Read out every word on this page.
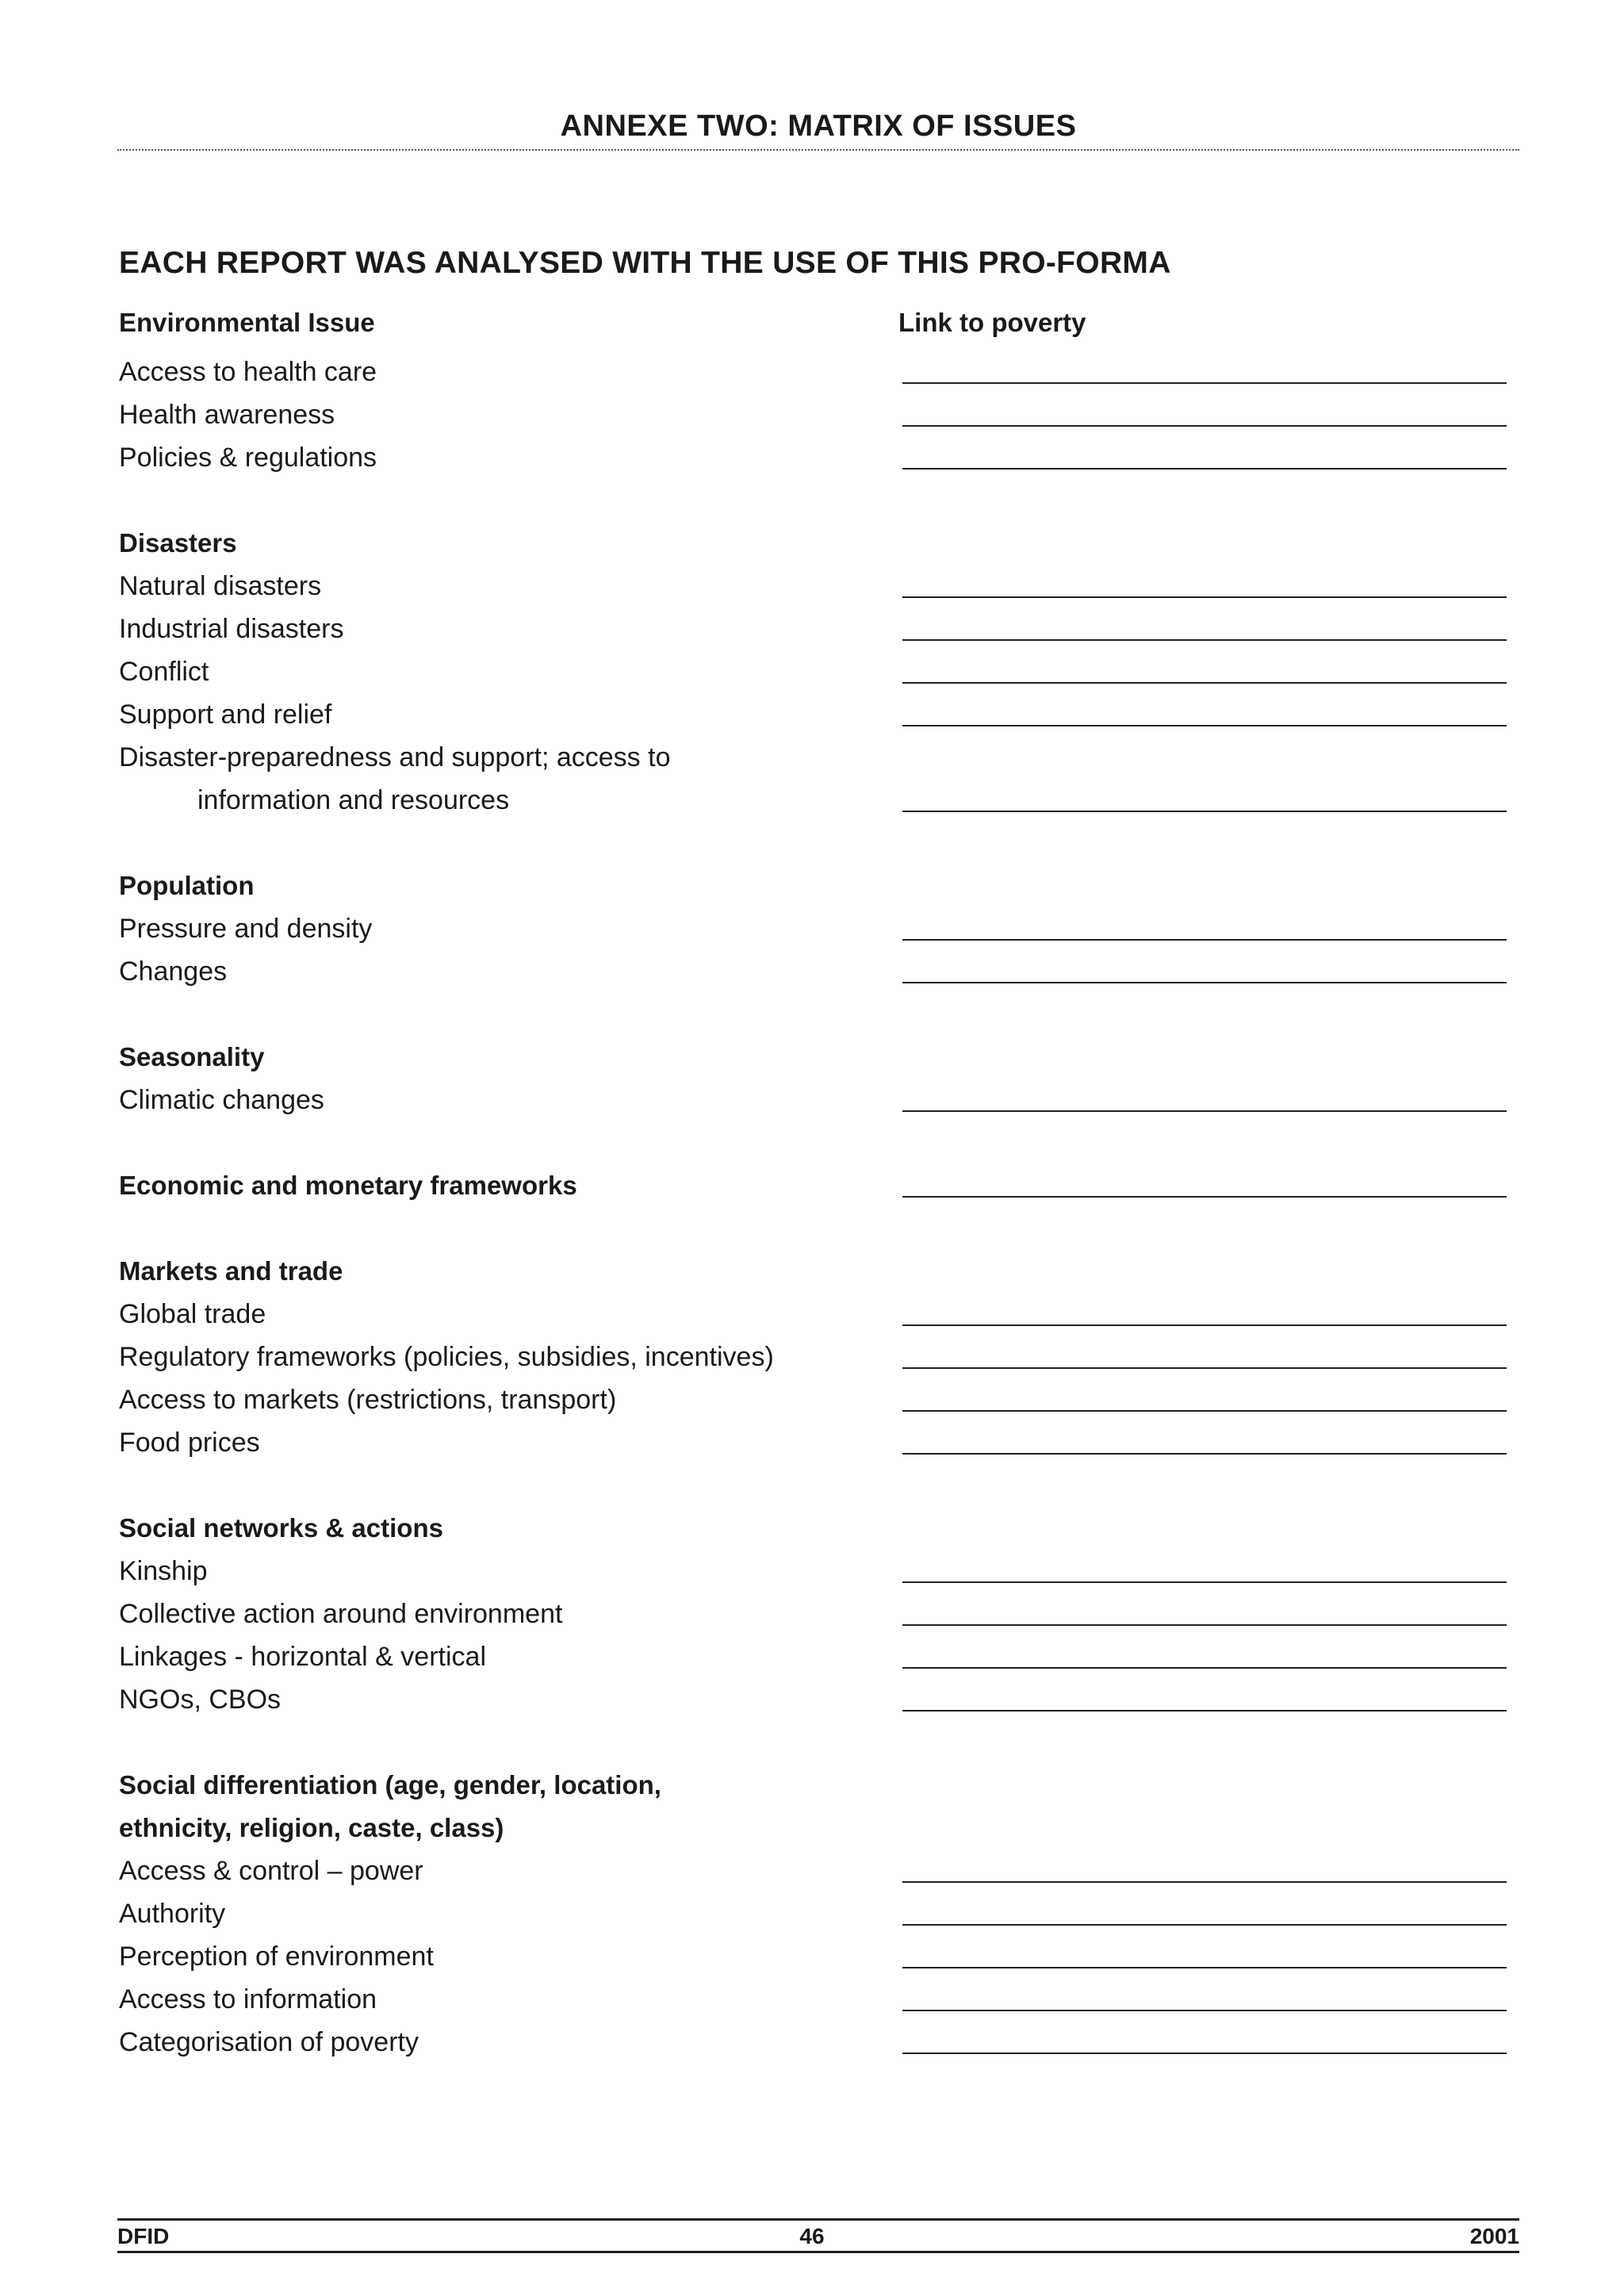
ANNEXE TWO: MATRIX OF ISSUES
EACH REPORT WAS ANALYSED WITH THE USE OF THIS PRO-FORMA
Environmental Issue	Link to poverty
Access to health care
Health awareness
Policies & regulations
Disasters
Natural disasters
Industrial disasters
Conflict
Support and relief
Disaster-preparedness and support; access to
information and resources
Population
Pressure and density
Changes
Seasonality
Climatic changes
Economic and monetary frameworks
Markets and trade
Global trade
Regulatory frameworks (policies, subsidies, incentives)
Access to markets (restrictions, transport)
Food prices
Social networks & actions
Kinship
Collective action around environment
Linkages - horizontal & vertical
NGOs, CBOs
Social differentiation (age, gender, location,
ethnicity, religion, caste, class)
Access & control – power
Authority
Perception of environment
Access to information
Categorisation of poverty
DFID	46	2001
